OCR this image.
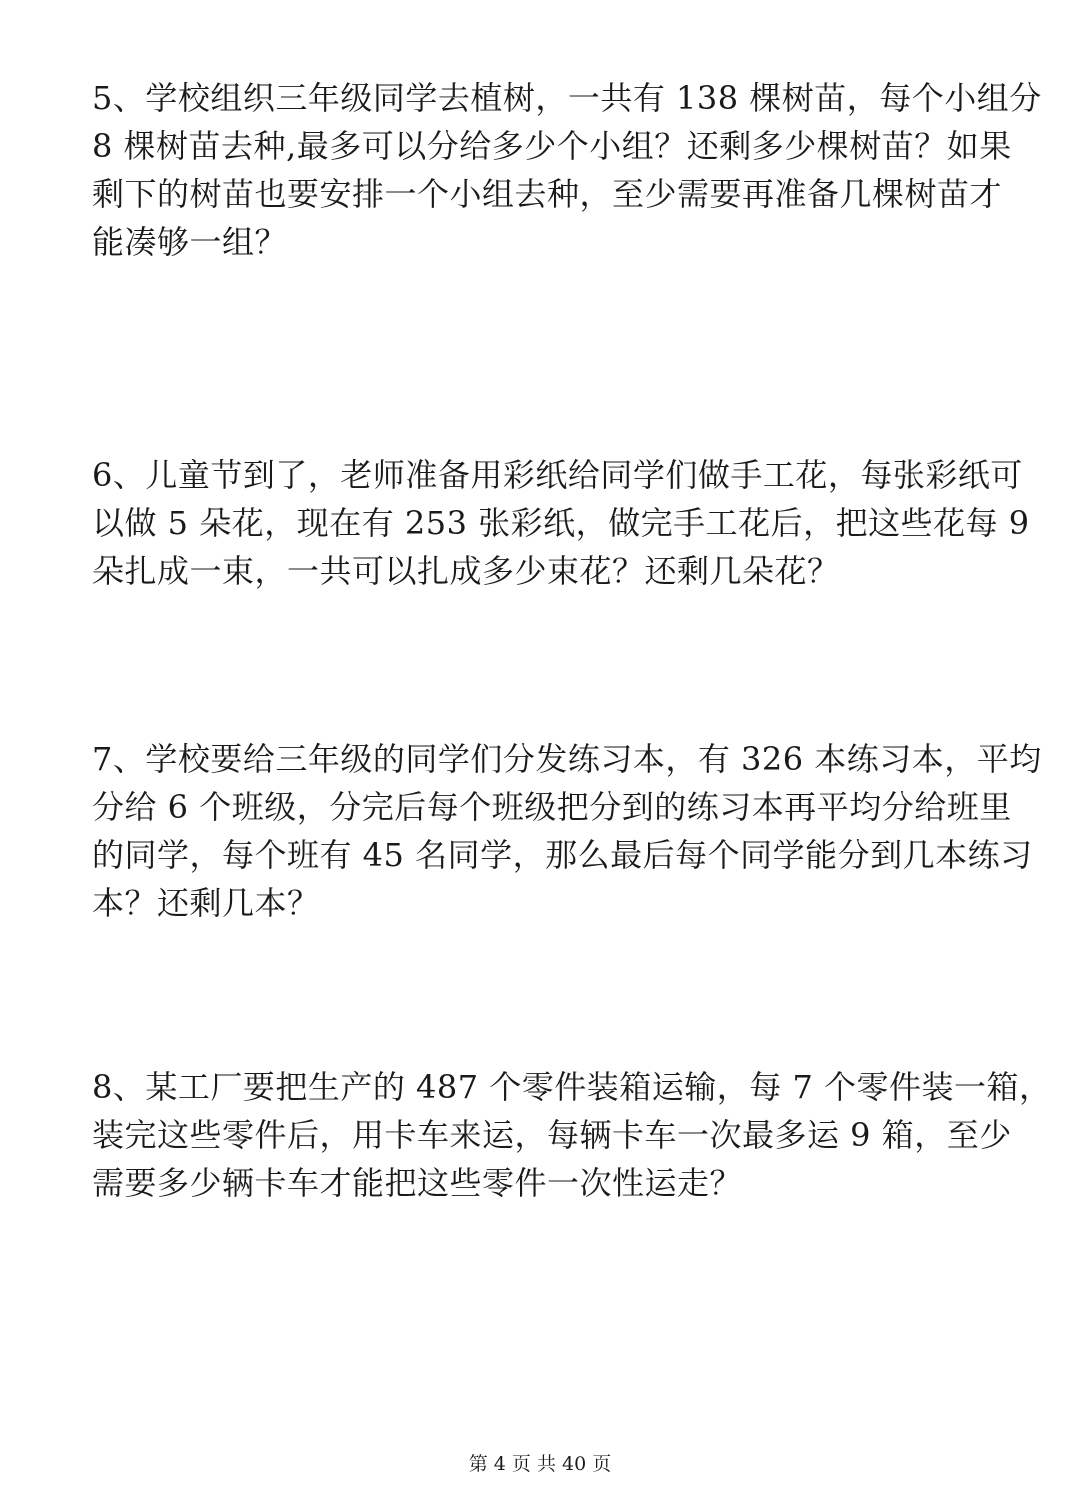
5、学校组织三年级同学去植树，一共有 138 棵树苗，每个小组分
8 棵树苗去种,最多可以分给多少个小组？还剩多少棵树苗？如果
剩下的树苗也要安排一个小组去种，至少需要再准备几棵树苗才
能凑够一组？
6、儿童节到了，老师准备用彩纸给同学们做手工花，每张彩纸可
以做 5 朵花，现在有 253 张彩纸，做完手工花后，把这些花每 9
朵扎成一束，一共可以扎成多少束花？还剩几朵花？
7、学校要给三年级的同学们分发练习本，有 326 本练习本，平均
分给 6 个班级，分完后每个班级把分到的练习本再平均分给班里
的同学，每个班有 45 名同学，那么最后每个同学能分到几本练习
本？还剩几本？
8、某工厂要把生产的 487 个零件装箱运输，每 7 个零件装一箱，
装完这些零件后，用卡车来运，每辆卡车一次最多运 9 箱，至少
需要多少辆卡车才能把这些零件一次性运走？
第 4 页 共 40 页
